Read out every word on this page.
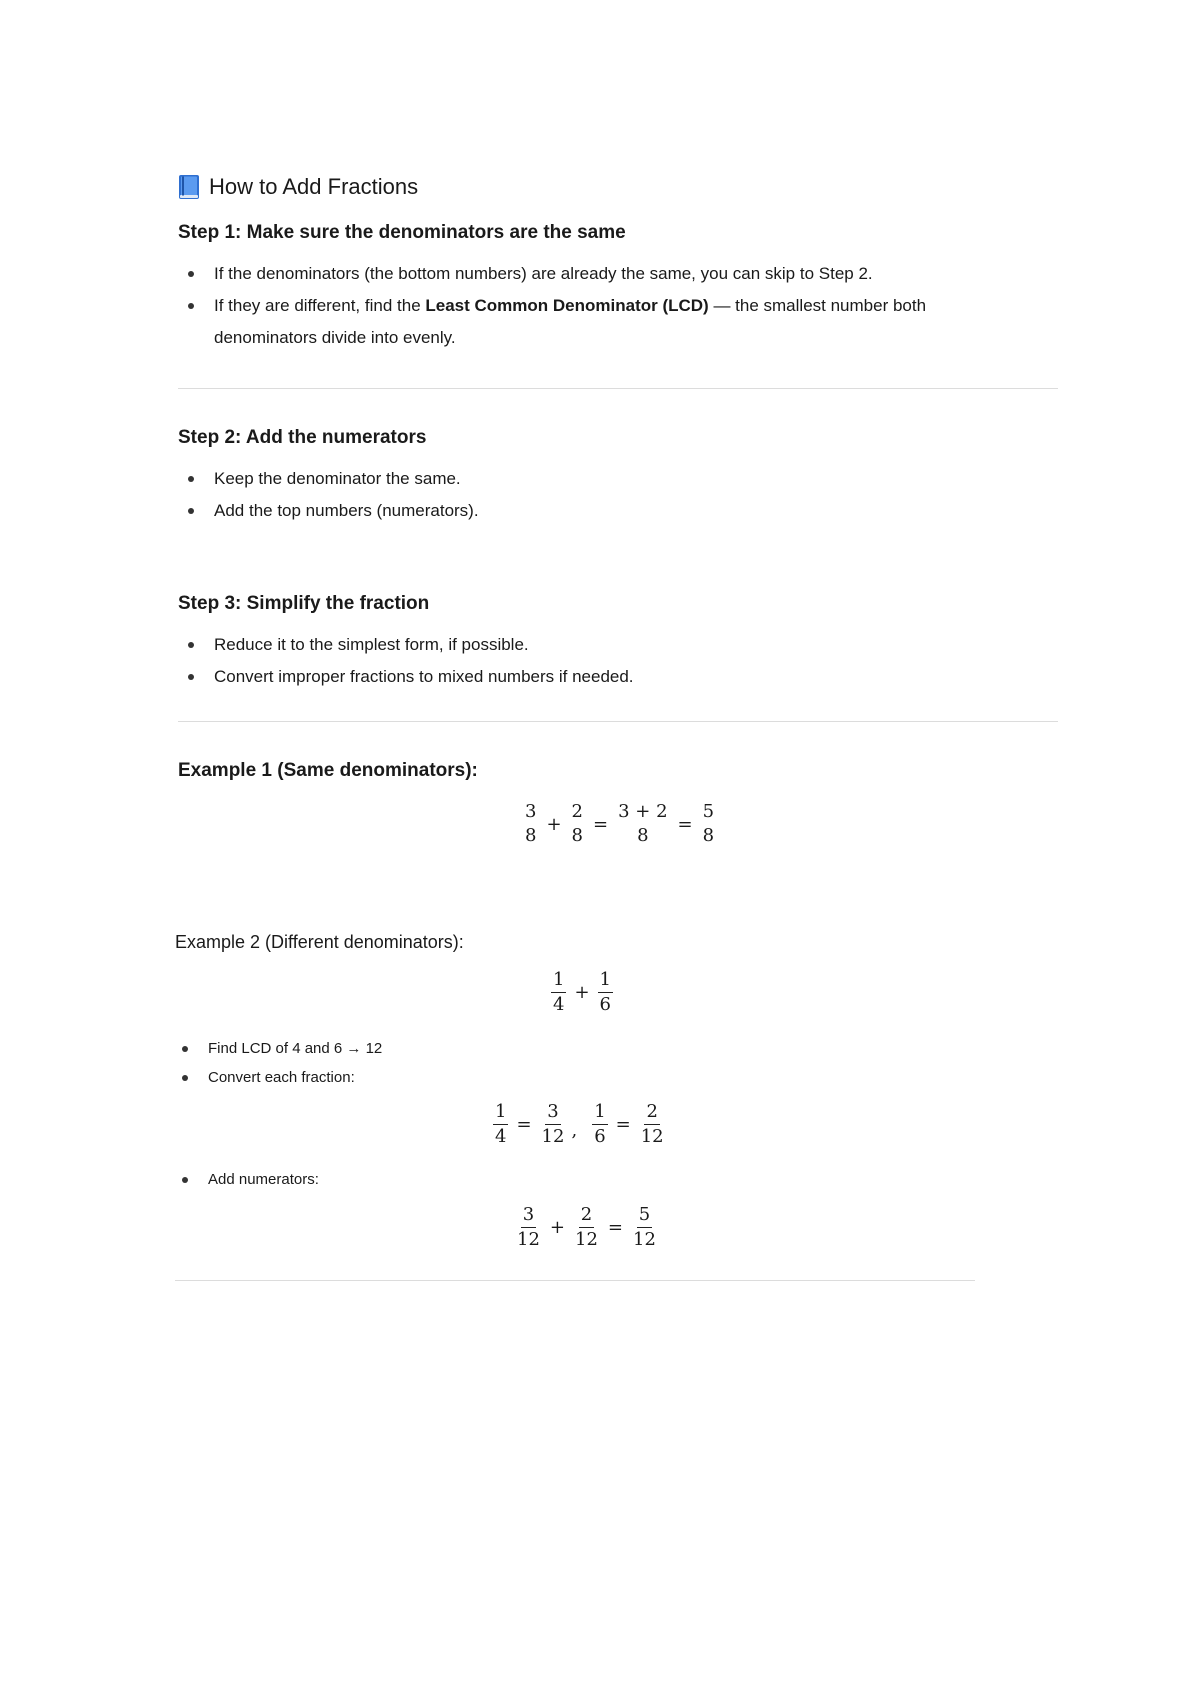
How to Add Fractions
Step 1: Make sure the denominators are the same
If the denominators (the bottom numbers) are already the same, you can skip to Step 2.
If they are different, find the Least Common Denominator (LCD) — the smallest number both denominators divide into evenly.
Step 2: Add the numerators
Keep the denominator the same.
Add the top numbers (numerators).
Step 3: Simplify the fraction
Reduce it to the simplest form, if possible.
Convert improper fractions to mixed numbers if needed.
Example 1 (Same denominators):
3
8
+
2
8
=
3 + 2
8
=
5
8
Example 2 (Different denominators):
$\frac{1}{4} + \frac{1}{6}$
Find LCD of 4 and 6 → 12
Convert each fraction:
$\frac{1}{4} = \frac{3}{12}$ , $\frac{1}{6} = \frac{2}{12}$
Add numerators:
$\frac{3}{12} + \frac{2}{12} = \frac{5}{12}$
